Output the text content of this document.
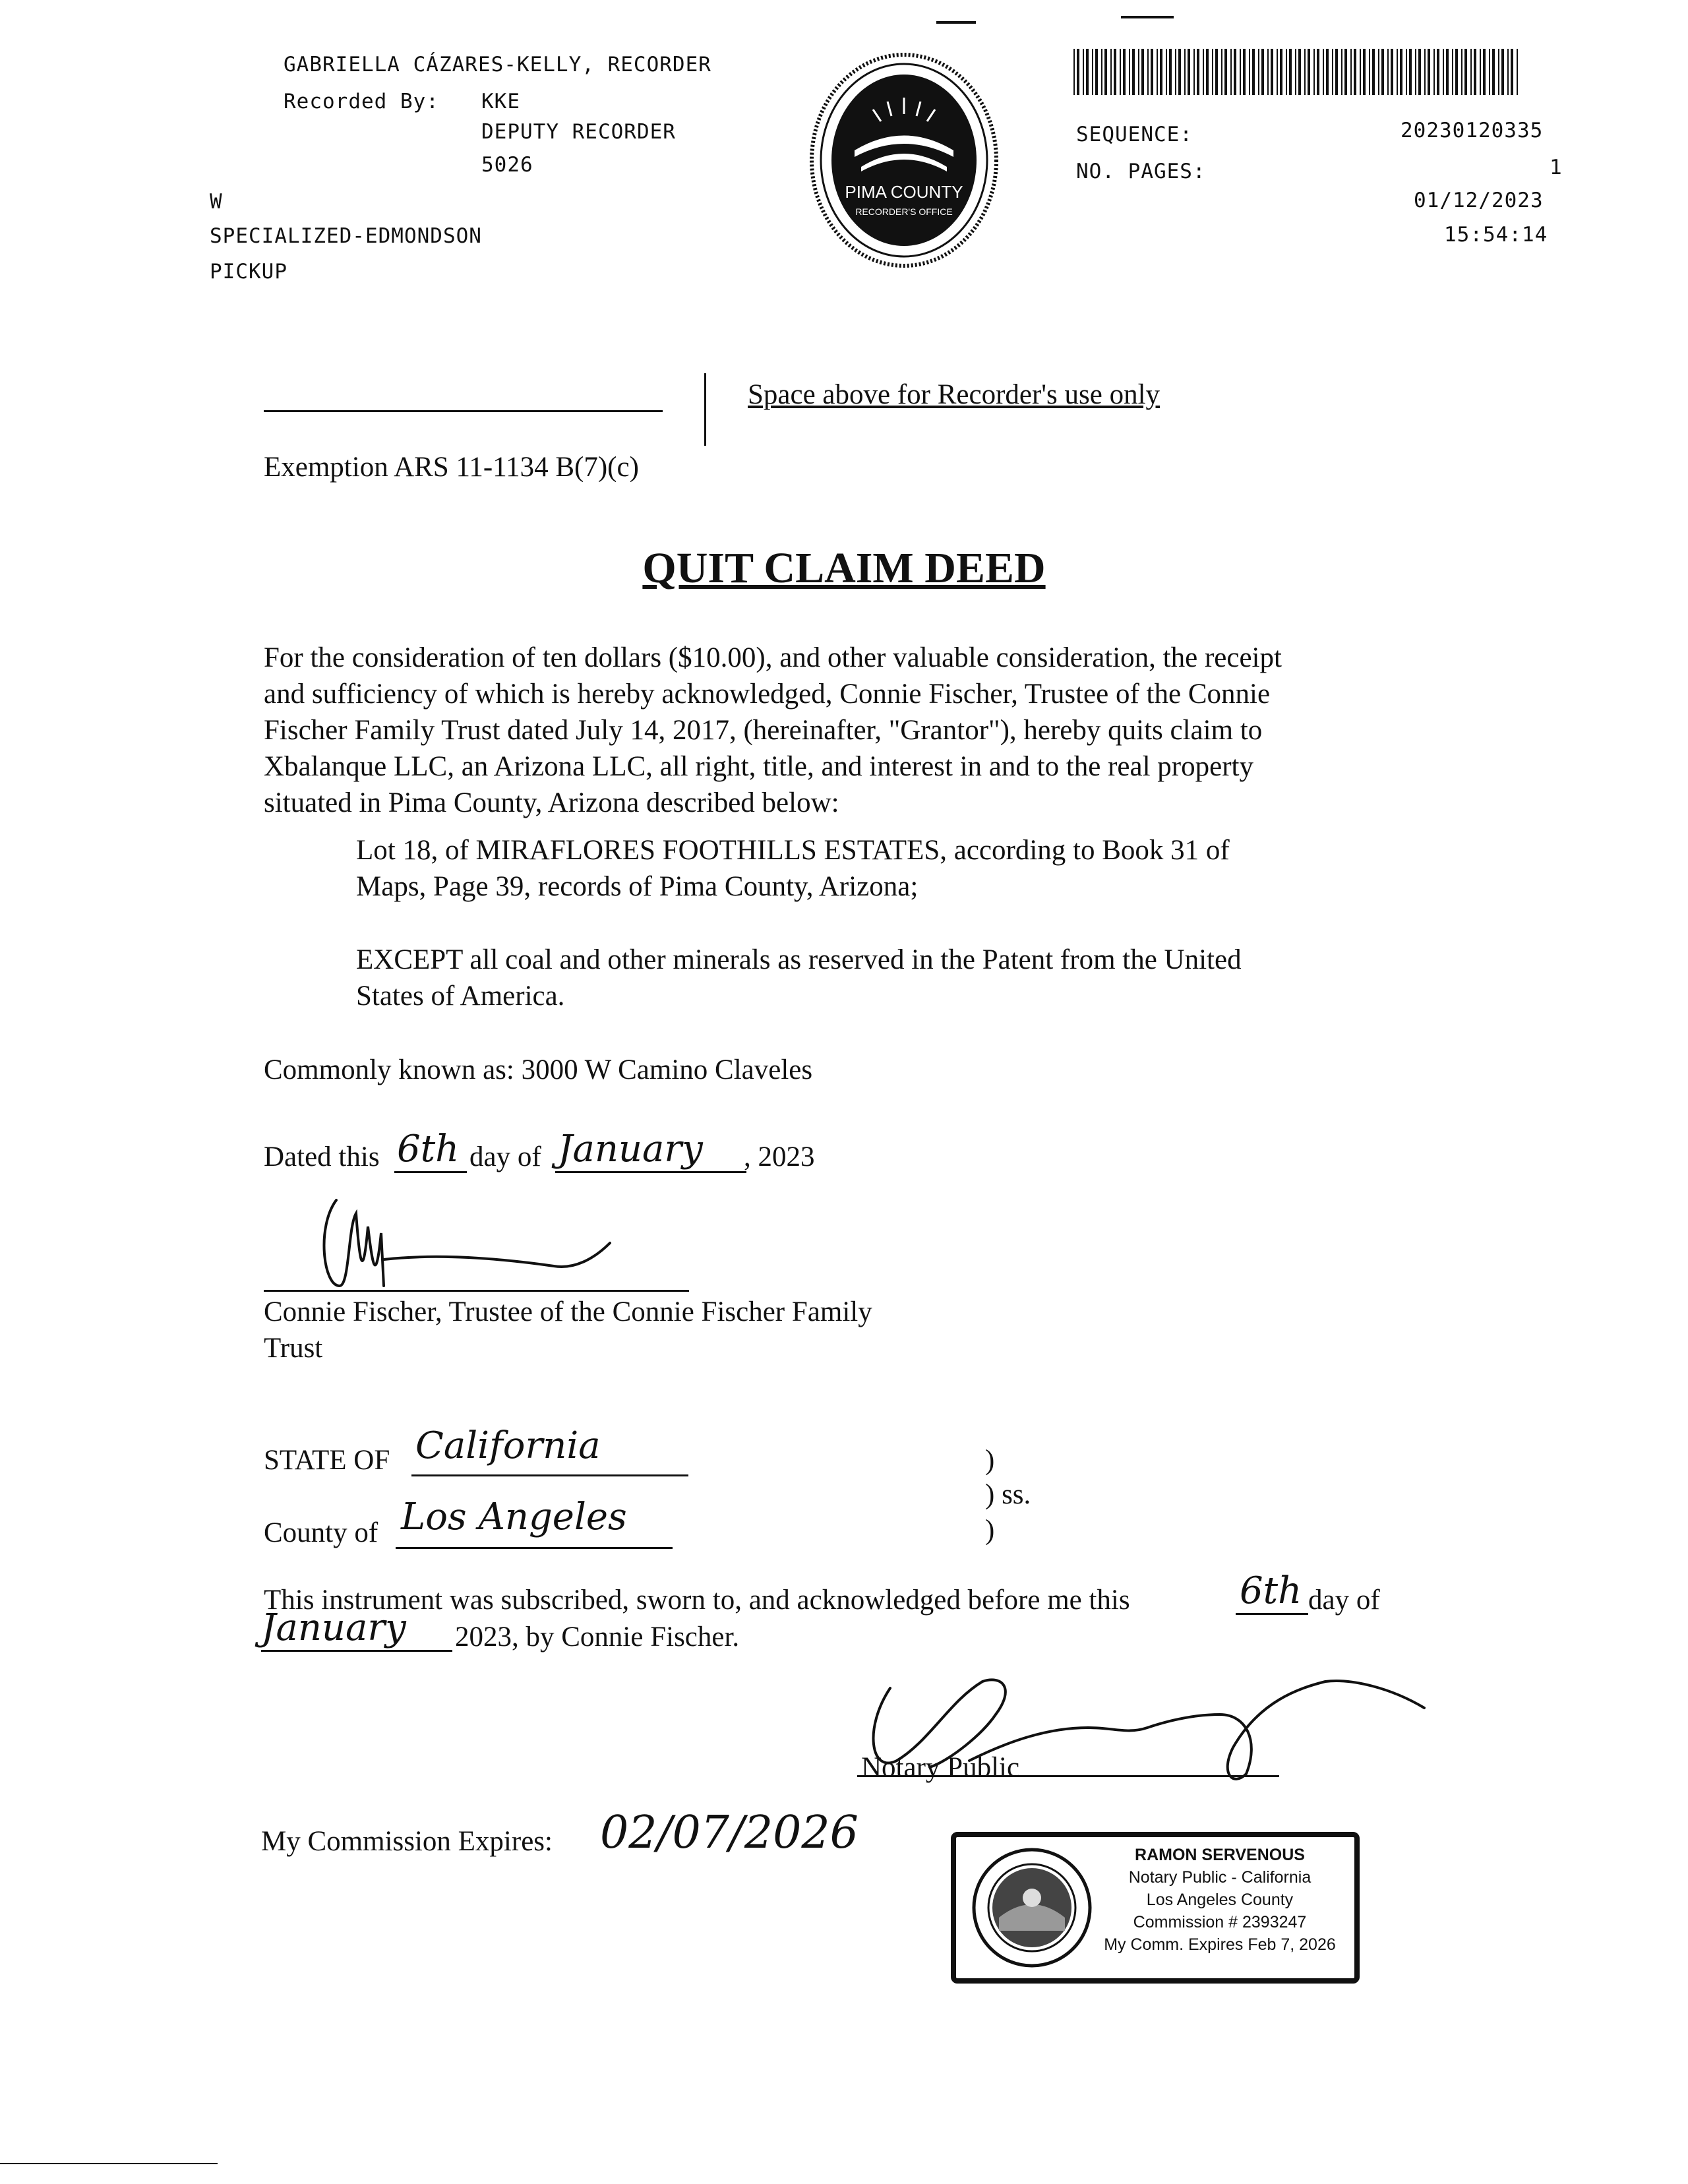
GABRIELLA CÁZARES-KELLY, RECORDER
Recorded By: KKE
DEPUTY RECORDER
5026
W
SPECIALIZED-EDMONDSON
PICKUP
PIMA COUNTY
RECORDER'S OFFICE
SEQUENCE:	20230120335
NO. PAGES:	1
01/12/2023
15:54:14
Space above for Recorder's use only
Exemption ARS 11-1134 B(7)(c)
QUIT CLAIM DEED

For the consideration of ten dollars ($10.00), and other valuable consideration, the receipt

and sufficiency of which is hereby acknowledged, Connie Fischer, Trustee of the Connie

Fischer Family Trust dated July 14, 2017, (hereinafter, "Grantor"), hereby quits claim to

Xbalanque LLC, an Arizona LLC, all right, title, and interest in and to the real property

situated in Pima County, Arizona described below:

Lot 18, of MIRAFLORES FOOTHILLS ESTATES, according to Book 31 of

Maps, Page 39, records of Pima County, Arizona;

EXCEPT all coal and other minerals as reserved in the Patent from the United

States of America.

Commonly known as: 3000 W Camino Claveles
Dated this 6th day of January , 2023

Connie Fischer, Trustee of the Connie Fischer Family

Trust

STATE OF California
County of Los Angeles
)
) ss.
)
This instrument was subscribed, sworn to, and acknowledged before me this	6th day of
January 2023, by Connie Fischer.
Notary Public
My Commission Expires: 02/07/2026	RAMON SERVENOUS
Notary Public - California
Los Angeles County
Commission # 2393247
My Comm. Expires Feb 7, 2026
